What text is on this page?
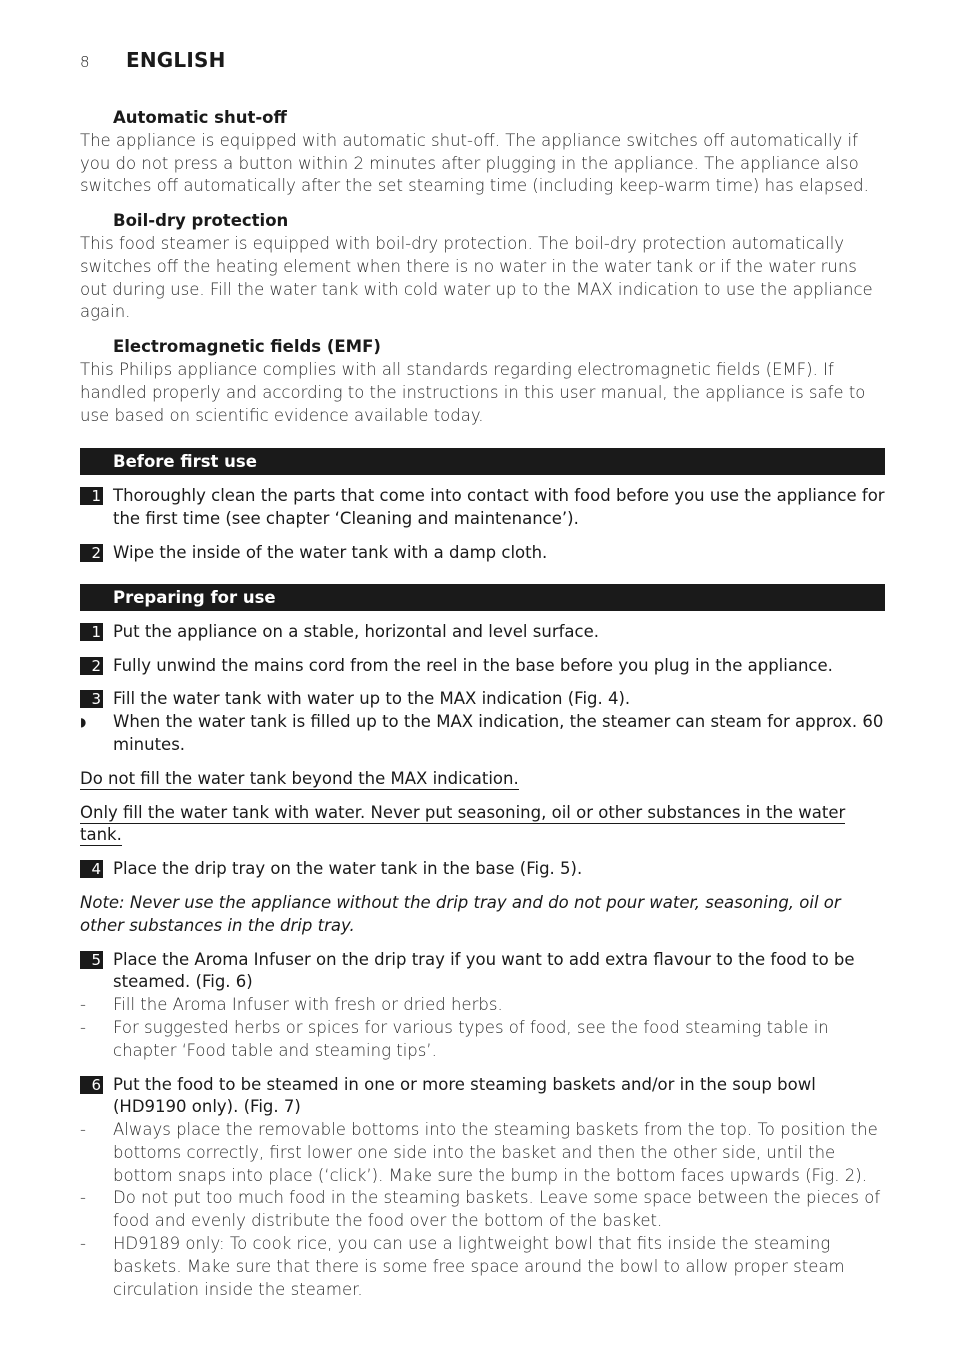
8	ENGLISH
Automatic shut-off

The appliance is equipped with automatic shut-off. The appliance switches off automatically if you do not press a button within 2 minutes after plugging in the appliance. The appliance also switches off automatically after the set steaming time (including keep-warm time) has elapsed.

Boil-dry protection

This food steamer is equipped with boil-dry protection. The boil-dry protection automatically switches off the heating element when there is no water in the water tank or if the water runs out during use. Fill the water tank with cold water up to the MAX indication to use the appliance again.

Electromagnetic fields (EMF)

This Philips appliance complies with all standards regarding electromagnetic fields (EMF). If handled properly and according to the instructions in this user manual, the appliance is safe to use based on scientific evidence available today.

Before first use
1 Thoroughly clean the parts that come into contact with food before you use the appliance for the first time (see chapter ‘Cleaning and maintenance’).
2 Wipe the inside of the water tank with a damp cloth.
Preparing for use
1 Put the appliance on a stable, horizontal and level surface.
2 Fully unwind the mains cord from the reel in the base before you plug in the appliance.
3 Fill the water tank with water up to the MAX indication (Fig. 4).
◗	When the water tank is filled up to the MAX indication, the steamer can steam for approx. 60 minutes.
Do not fill the water tank beyond the MAX indication.
Only fill the water tank with water. Never put seasoning, oil or other substances in the water
tank.
4 Place the drip tray on the water tank in the base (Fig. 5).

Note: Never use the appliance without the drip tray and do not pour water, seasoning, oil or other substances in the drip tray.

5 Place the Aroma Infuser on the drip tray if you want to add extra flavour to the food to be steamed. (Fig. 6)
-	Fill the Aroma Infuser with fresh or dried herbs.
-	For suggested herbs or spices for various types of food, see the food steaming table in chapter ‘Food table and steaming tips’.
6 Put the food to be steamed in one or more steaming baskets and/or in the soup bowl (HD9190 only). (Fig. 7)
-	Always place the removable bottoms into the steaming baskets from the top. To position the bottoms correctly, first lower one side into the basket and then the other side, until the bottom snaps into place (‘click’). Make sure the bump in the bottom faces upwards (Fig. 2).
-	Do not put too much food in the steaming baskets. Leave some space between the pieces of food and evenly distribute the food over the bottom of the basket.
-	HD9189 only: To cook rice, you can use a lightweight bowl that fits inside the steaming baskets. Make sure that there is some free space around the bowl to allow proper steam circulation inside the steamer.
